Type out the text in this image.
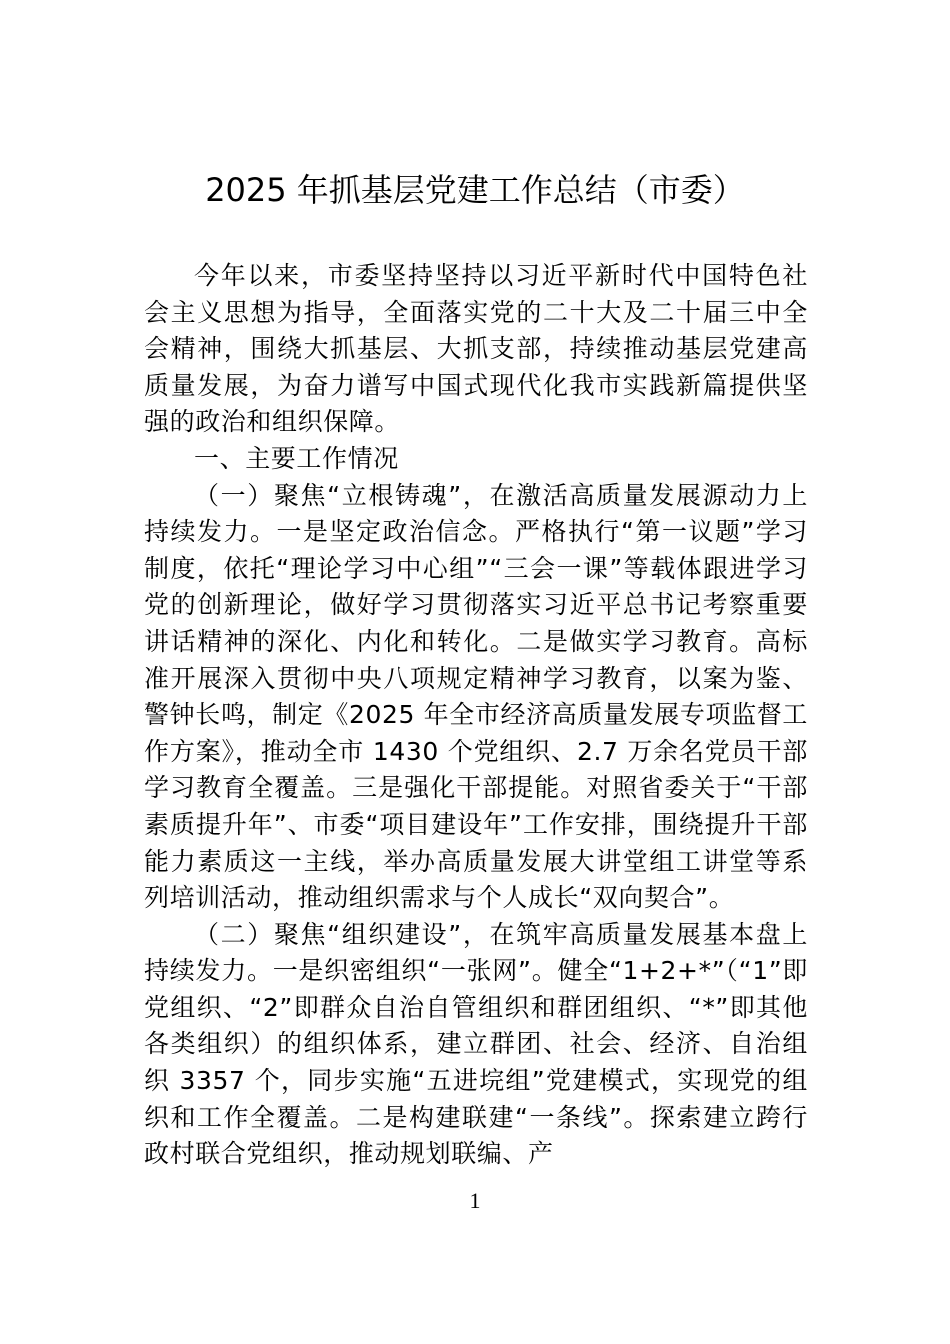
2025 年抓基层党建工作总结（市委）

今年以来，市委坚持坚持以习近平新时代中国特色社会主义思想为指导，全面落实党的二十大及二十届三中全会精神，围绕大抓基层、大抓支部，持续推动基层党建高质量发展，为奋力谱写中国式现代化我市实践新篇提供坚强的政治和组织保障。

一、主要工作情况

（一）聚焦“立根铸魂”，在激活高质量发展源动力上持续发力。一是坚定政治信念。严格执行“第一议题”学习制度，依托“理论学习中心组”“三会一课”等载体跟进学习党的创新理论，做好学习贯彻落实习近平总书记考察重要讲话精神的深化、内化和转化。二是做实学习教育。高标准开展深入贯彻中央八项规定精神学习教育，以案为鉴、警钟长鸣，制定《2025 年全市经济高质量发展专项监督工作方案》，推动全市 1430 个党组织、2.7 万余名党员干部学习教育全覆盖。三是强化干部提能。对照省委关于“干部素质提升年”、市委“项目建设年”工作安排，围绕提升干部能力素质这一主线，举办高质量发展大讲堂组工讲堂等系列培训活动，推动组织需求与个人成长“双向契合”。

（二）聚焦“组织建设”，在筑牢高质量发展基本盘上持续发力。一是织密组织“一张网”。健全“1+2+*”（“1”即党组织、“2”即群众自治自管组织和群团组织、“*”即其他各类组织）的组织体系，建立群团、社会、经济、自治组织 3357 个，同步实施“五进垸组”党建模式，实现党的组织和工作全覆盖。二是构建联建“一条线”。探索建立跨行政村联合党组织，推动规划联编、产

1
